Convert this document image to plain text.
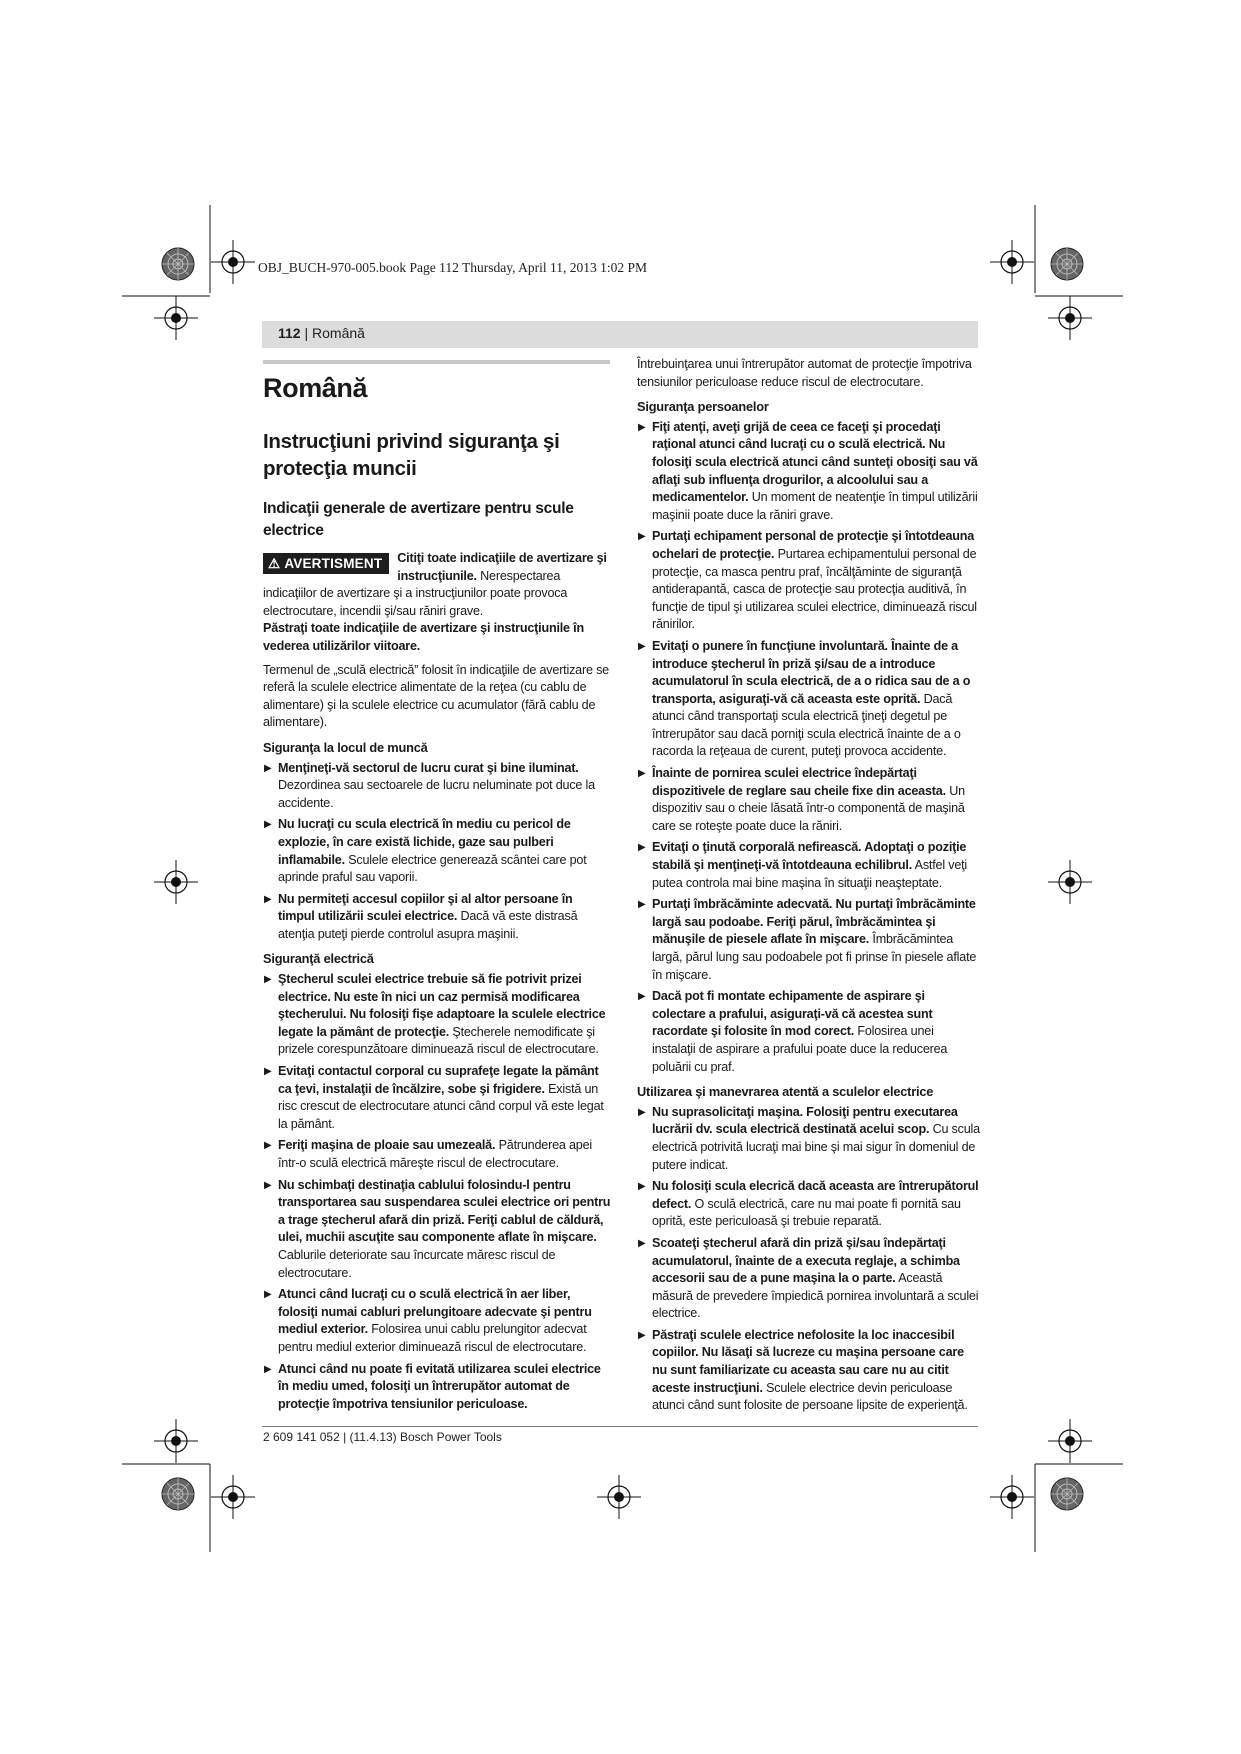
OBJ_BUCH-970-005.book Page 112 Thursday, April 11, 2013 1:02 PM
112 | Română
Română
Instrucţiuni privind siguranţa şi protecţia muncii
Indicaţii generale de avertizare pentru scule electrice
⚠ AVERTISMENT	Citiţi toate indicaţiile de avertizare şi instrucţiunile. Nerespectarea indicaţiilor de avertizare şi a instrucţiunilor poate provoca electrocutare, incendii şi/sau răniri grave.

Păstraţi toate indicaţiile de avertizare şi instrucţiunile în vederea utilizărilor viitoare.

Termenul de „sculă electrică” folosit în indicaţiile de avertizare se referă la sculele electrice alimentate de la reţea (cu cablu de alimentare) şi la sculele electrice cu acumulator (fără cablu de alimentare).

Siguranţa la locul de muncă
▶ Menţineţi-vă sectorul de lucru curat şi bine iluminat. Dezordinea sau sectoarele de lucru neluminate pot duce la accidente.
▶ Nu lucraţi cu scula electrică în mediu cu pericol de explozie, în care există lichide, gaze sau pulberi inflamabile. Sculele electrice generează scântei care pot aprinde praful sau vaporii.
▶ Nu permiteţi accesul copiilor şi al altor persoane în timpul utilizării sculei electrice. Dacă vă este distrasă atenţia puteţi pierde controlul asupra maşinii.
Siguranţă electrică
▶ Ştecherul sculei electrice trebuie să fie potrivit prizei electrice. Nu este în nici un caz permisă modificarea ştecherului. Nu folosiţi fişe adaptoare la sculele electrice legate la pământ de protecţie. Ştecherele nemodificate şi prizele corespunzătoare diminuează riscul de electrocutare.
▶ Evitaţi contactul corporal cu suprafeţe legate la pământ ca ţevi, instalaţii de încălzire, sobe şi frigidere. Există un risc crescut de electrocutare atunci când corpul vă este legat la pământ.
▶ Feriţi maşina de ploaie sau umezeală. Pătrunderea apei într-o sculă electrică măreşte riscul de electrocutare.
▶ Nu schimbaţi destinaţia cablului folosindu-l pentru transportarea sau suspendarea sculei electrice ori pentru a trage ştecherul afară din priză. Feriţi cablul de căldură, ulei, muchii ascuţite sau componente aflate în mişcare. Cablurile deteriorate sau încurcate măresc riscul de electrocutare.
▶ Atunci când lucraţi cu o sculă electrică în aer liber, folosiţi numai cabluri prelungitoare adecvate şi pentru mediul exterior. Folosirea unui cablu prelungitor adecvat pentru mediul exterior diminuează riscul de electrocutare.
▶ Atunci când nu poate fi evitată utilizarea sculei electrice în mediu umed, folosiţi un întrerupător automat de protecţie împotriva tensiunilor periculoase.

Întrebuinţarea unui întrerupător automat de protecţie împotriva tensiunilor periculoase reduce riscul de electrocutare.

Siguranţa persoanelor
▶ Fiţi atenţi, aveţi grijă de ceea ce faceţi şi procedaţi raţional atunci când lucraţi cu o sculă electrică. Nu folosiţi scula electrică atunci când sunteţi obosiţi sau vă aflaţi sub influenţa drogurilor, a alcoolului sau a medicamentelor. Un moment de neatenţie în timpul utilizării maşinii poate duce la răniri grave.
▶ Purtaţi echipament personal de protecţie şi întotdeauna ochelari de protecţie. Purtarea echipamentului personal de protecţie, ca masca pentru praf, încălţăminte de siguranţă antiderapantă, casca de protecţie sau protecţia auditivă, în funcţie de tipul şi utilizarea sculei electrice, diminuează riscul rănirilor.
▶ Evitaţi o punere în funcţiune involuntară. Înainte de a introduce ştecherul în priză şi/sau de a introduce acumulatorul în scula electrică, de a o ridica sau de a o transporta, asiguraţi-vă că aceasta este oprită. Dacă atunci când transportaţi scula electrică ţineţi degetul pe întrerupător sau dacă porniţi scula electrică înainte de a o racorda la reţeaua de curent, puteţi provoca accidente.
▶ Înainte de pornirea sculei electrice îndepărtaţi dispozitivele de reglare sau cheile fixe din aceasta. Un dispozitiv sau o cheie lăsată într-o componentă de maşină care se roteşte poate duce la răniri.
▶ Evitaţi o ţinută corporală nefirească. Adoptaţi o poziţie stabilă şi menţineţi-vă întotdeauna echilibrul. Astfel veţi putea controla mai bine maşina în situaţii neaşteptate.
▶ Purtaţi îmbrăcăminte adecvată. Nu purtaţi îmbrăcăminte largă sau podoabe. Feriţi părul, îmbrăcămintea şi mănuşile de piesele aflate în mişcare. Îmbrăcămintea largă, părul lung sau podoabele pot fi prinse în piesele aflate în mişcare.
▶ Dacă pot fi montate echipamente de aspirare şi colectare a prafului, asiguraţi-vă că acestea sunt racordate şi folosite în mod corect. Folosirea unei instalaţii de aspirare a prafului poate duce la reducerea poluării cu praf.
Utilizarea şi manevrarea atentă a sculelor electrice
▶ Nu suprasolicitaţi maşina. Folosiţi pentru executarea lucrării dv. scula electrică destinată acelui scop. Cu scula electrică potrivită lucraţi mai bine şi mai sigur în domeniul de putere indicat.
▶ Nu folosiţi scula elecrică dacă aceasta are întrerupătorul defect. O sculă electrică, care nu mai poate fi pornită sau oprită, este periculoasă şi trebuie reparată.
▶ Scoateţi ştecherul afară din priză şi/sau îndepărtaţi acumulatorul, înainte de a executa reglaje, a schimba accesorii sau de a pune maşina la o parte. Această măsură de prevedere împiedică pornirea involuntară a sculei electrice.
▶ Păstraţi sculele electrice nefolosite la loc inaccesibil copiilor. Nu lăsaţi să lucreze cu maşina persoane care nu sunt familiarizate cu aceasta sau care nu au citit aceste instrucţiuni. Sculele electrice devin periculoase atunci când sunt folosite de persoane lipsite de experienţă.
2 609 141 052 | (11.4.13) Bosch Power Tools
